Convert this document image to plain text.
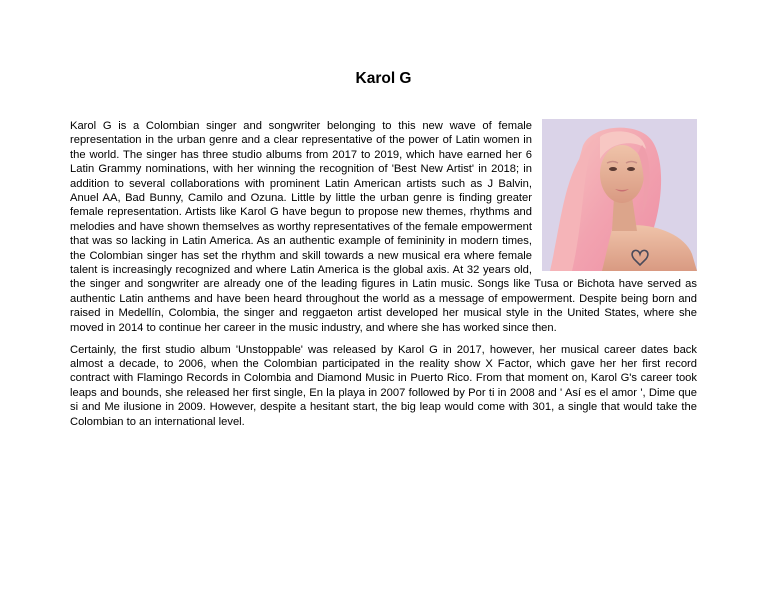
Karol G

Karol G is a Colombian singer and songwriter belonging to this new wave of female representation in the urban genre and a clear representative of the power of Latin women in the world. The singer has three studio albums from 2017 to 2019, which have earned her 6 Latin Grammy nominations, with her winning the recognition of 'Best New Artist' in 2018; in addition to several collaborations with prominent Latin American artists such as J Balvin, Anuel AA, Bad Bunny, Camilo and Ozuna. Little by little the urban genre is finding greater female representation. Artists like Karol G have begun to propose new themes, rhythms and melodies and have shown themselves as worthy representatives of the female empowerment that was so lacking in Latin America. As an authentic example of femininity in modern times, the Colombian singer has set the rhythm and skill towards a new musical era where female talent is increasingly recognized and where Latin America is the global axis. At 32 years old, the singer and songwriter are already one of the leading figures in Latin music. Songs like Tusa or Bichota have served as authentic Latin anthems and have been heard throughout the world as a message of empowerment. Despite being born and raised in Medellín, Colombia, the singer and reggaeton artist developed her musical style in the United States, where she moved in 2014 to continue her career in the music industry, and where she has worked since then.

Certainly, the first studio album 'Unstoppable' was released by Karol G in 2017, however, her musical career dates back almost a decade, to 2006, when the Colombian participated in the reality show X Factor, which gave her her first record contract with Flamingo Records in Colombia and Diamond Music in Puerto Rico. From that moment on, Karol G's career took leaps and bounds, she released her first single, En la playa in 2007 followed by Por ti in 2008 and ' Así es el amor ', Dime que si and Me ilusione in 2009. However, despite a hesitant start, the big leap would come with 301, a single that would take the Colombian to an international level.
